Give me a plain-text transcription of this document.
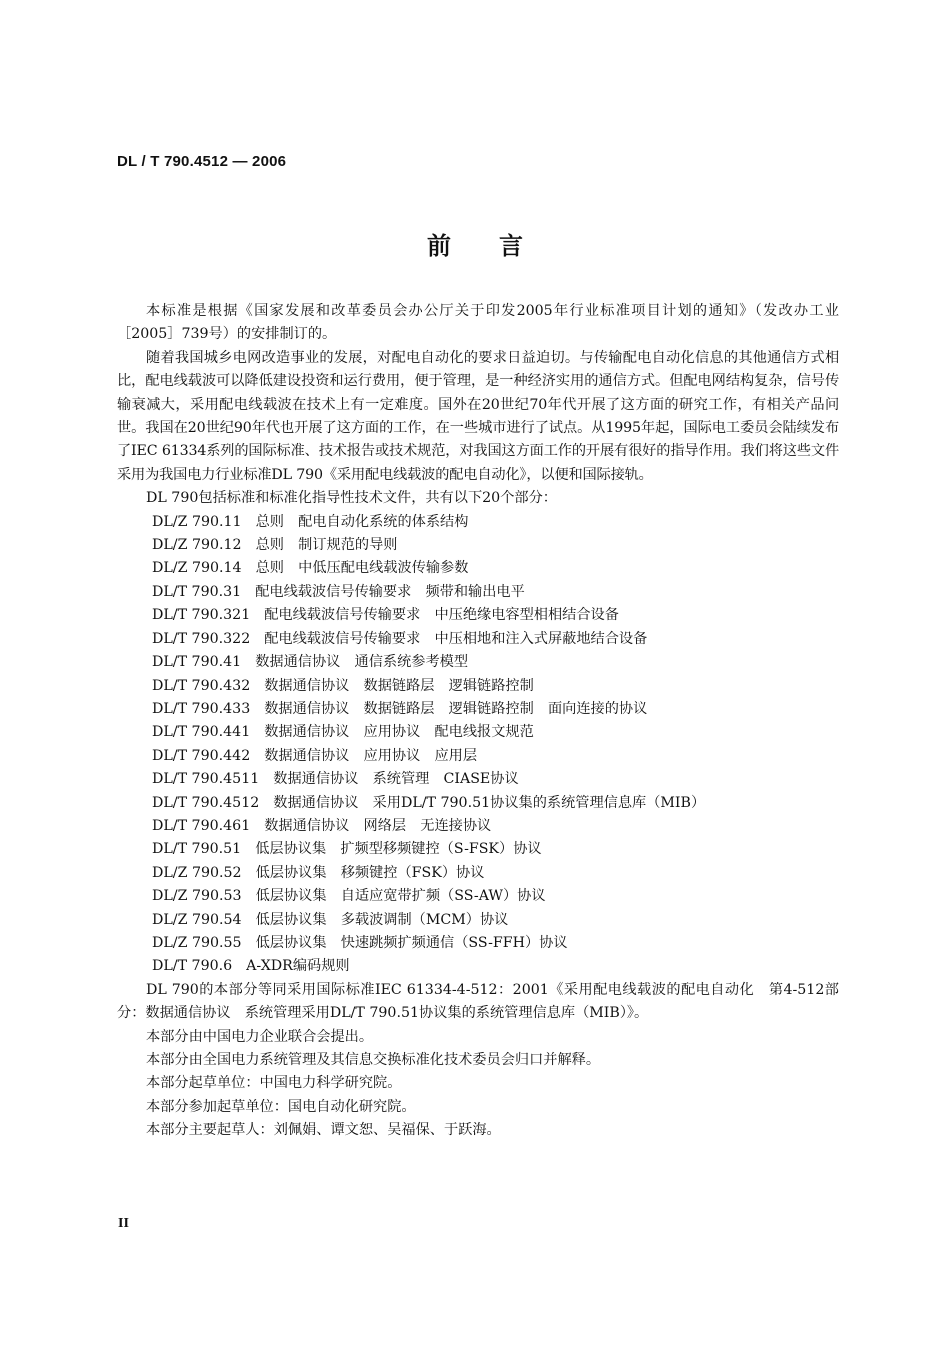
DL / T 790.4512 — 2006
前言

本标准是根据《国家发展和改革委员会办公厅关于印发2005年行业标准项目计划的通知》（发改办工业［2005］739号）的安排制订的。

随着我国城乡电网改造事业的发展，对配电自动化的要求日益迫切。与传输配电自动化信息的其他通信方式相比，配电线载波可以降低建设投资和运行费用，便于管理，是一种经济实用的通信方式。但配电网结构复杂，信号传输衰减大，采用配电线载波在技术上有一定难度。国外在20世纪70年代开展了这方面的研究工作，有相关产品问世。我国在20世纪90年代也开展了这方面的工作，在一些城市进行了试点。从1995年起，国际电工委员会陆续发布了IEC 61334系列的国际标准、技术报告或技术规范，对我国这方面工作的开展有很好的指导作用。我们将这些文件采用为我国电力行业标准DL 790《采用配电线载波的配电自动化》，以便和国际接轨。

DL 790包括标准和标准化指导性技术文件，共有以下20个部分：

DL/Z 790.11 总则　配电自动化系统的体系结构
DL/Z 790.12 总则　制订规范的导则
DL/Z 790.14 总则　中低压配电线载波传输参数
DL/T 790.31 配电线载波信号传输要求　频带和输出电平
DL/T 790.321 配电线载波信号传输要求　中压绝缘电容型相相结合设备
DL/T 790.322 配电线载波信号传输要求　中压相地和注入式屏蔽地结合设备
DL/T 790.41 数据通信协议　通信系统参考模型
DL/T 790.432 数据通信协议　数据链路层　逻辑链路控制
DL/T 790.433 数据通信协议　数据链路层　逻辑链路控制　面向连接的协议
DL/T 790.441 数据通信协议　应用协议　配电线报文规范
DL/T 790.442 数据通信协议　应用协议　应用层
DL/T 790.4511 数据通信协议　系统管理　CIASE协议
DL/T 790.4512 数据通信协议　采用DL/T 790.51协议集的系统管理信息库（MIB）
DL/T 790.461 数据通信协议　网络层　无连接协议
DL/T 790.51 低层协议集　扩频型移频键控（S-FSK）协议
DL/Z 790.52 低层协议集　移频键控（FSK）协议
DL/Z 790.53 低层协议集　自适应宽带扩频（SS-AW）协议
DL/Z 790.54 低层协议集　多载波调制（MCM）协议
DL/Z 790.55 低层协议集　快速跳频扩频通信（SS-FFH）协议
DL/T 790.6 A-XDR编码规则

DL 790的本部分等同采用国际标准IEC 61334-4-512：2001《采用配电线载波的配电自动化　第4-512部分：数据通信协议　系统管理采用DL/T 790.51协议集的系统管理信息库（MIB）》。

本部分由中国电力企业联合会提出。

本部分由全国电力系统管理及其信息交换标准化技术委员会归口并解释。

本部分起草单位：中国电力科学研究院。

本部分参加起草单位：国电自动化研究院。

本部分主要起草人：刘佩娟、谭文恕、吴福保、于跃海。

II
